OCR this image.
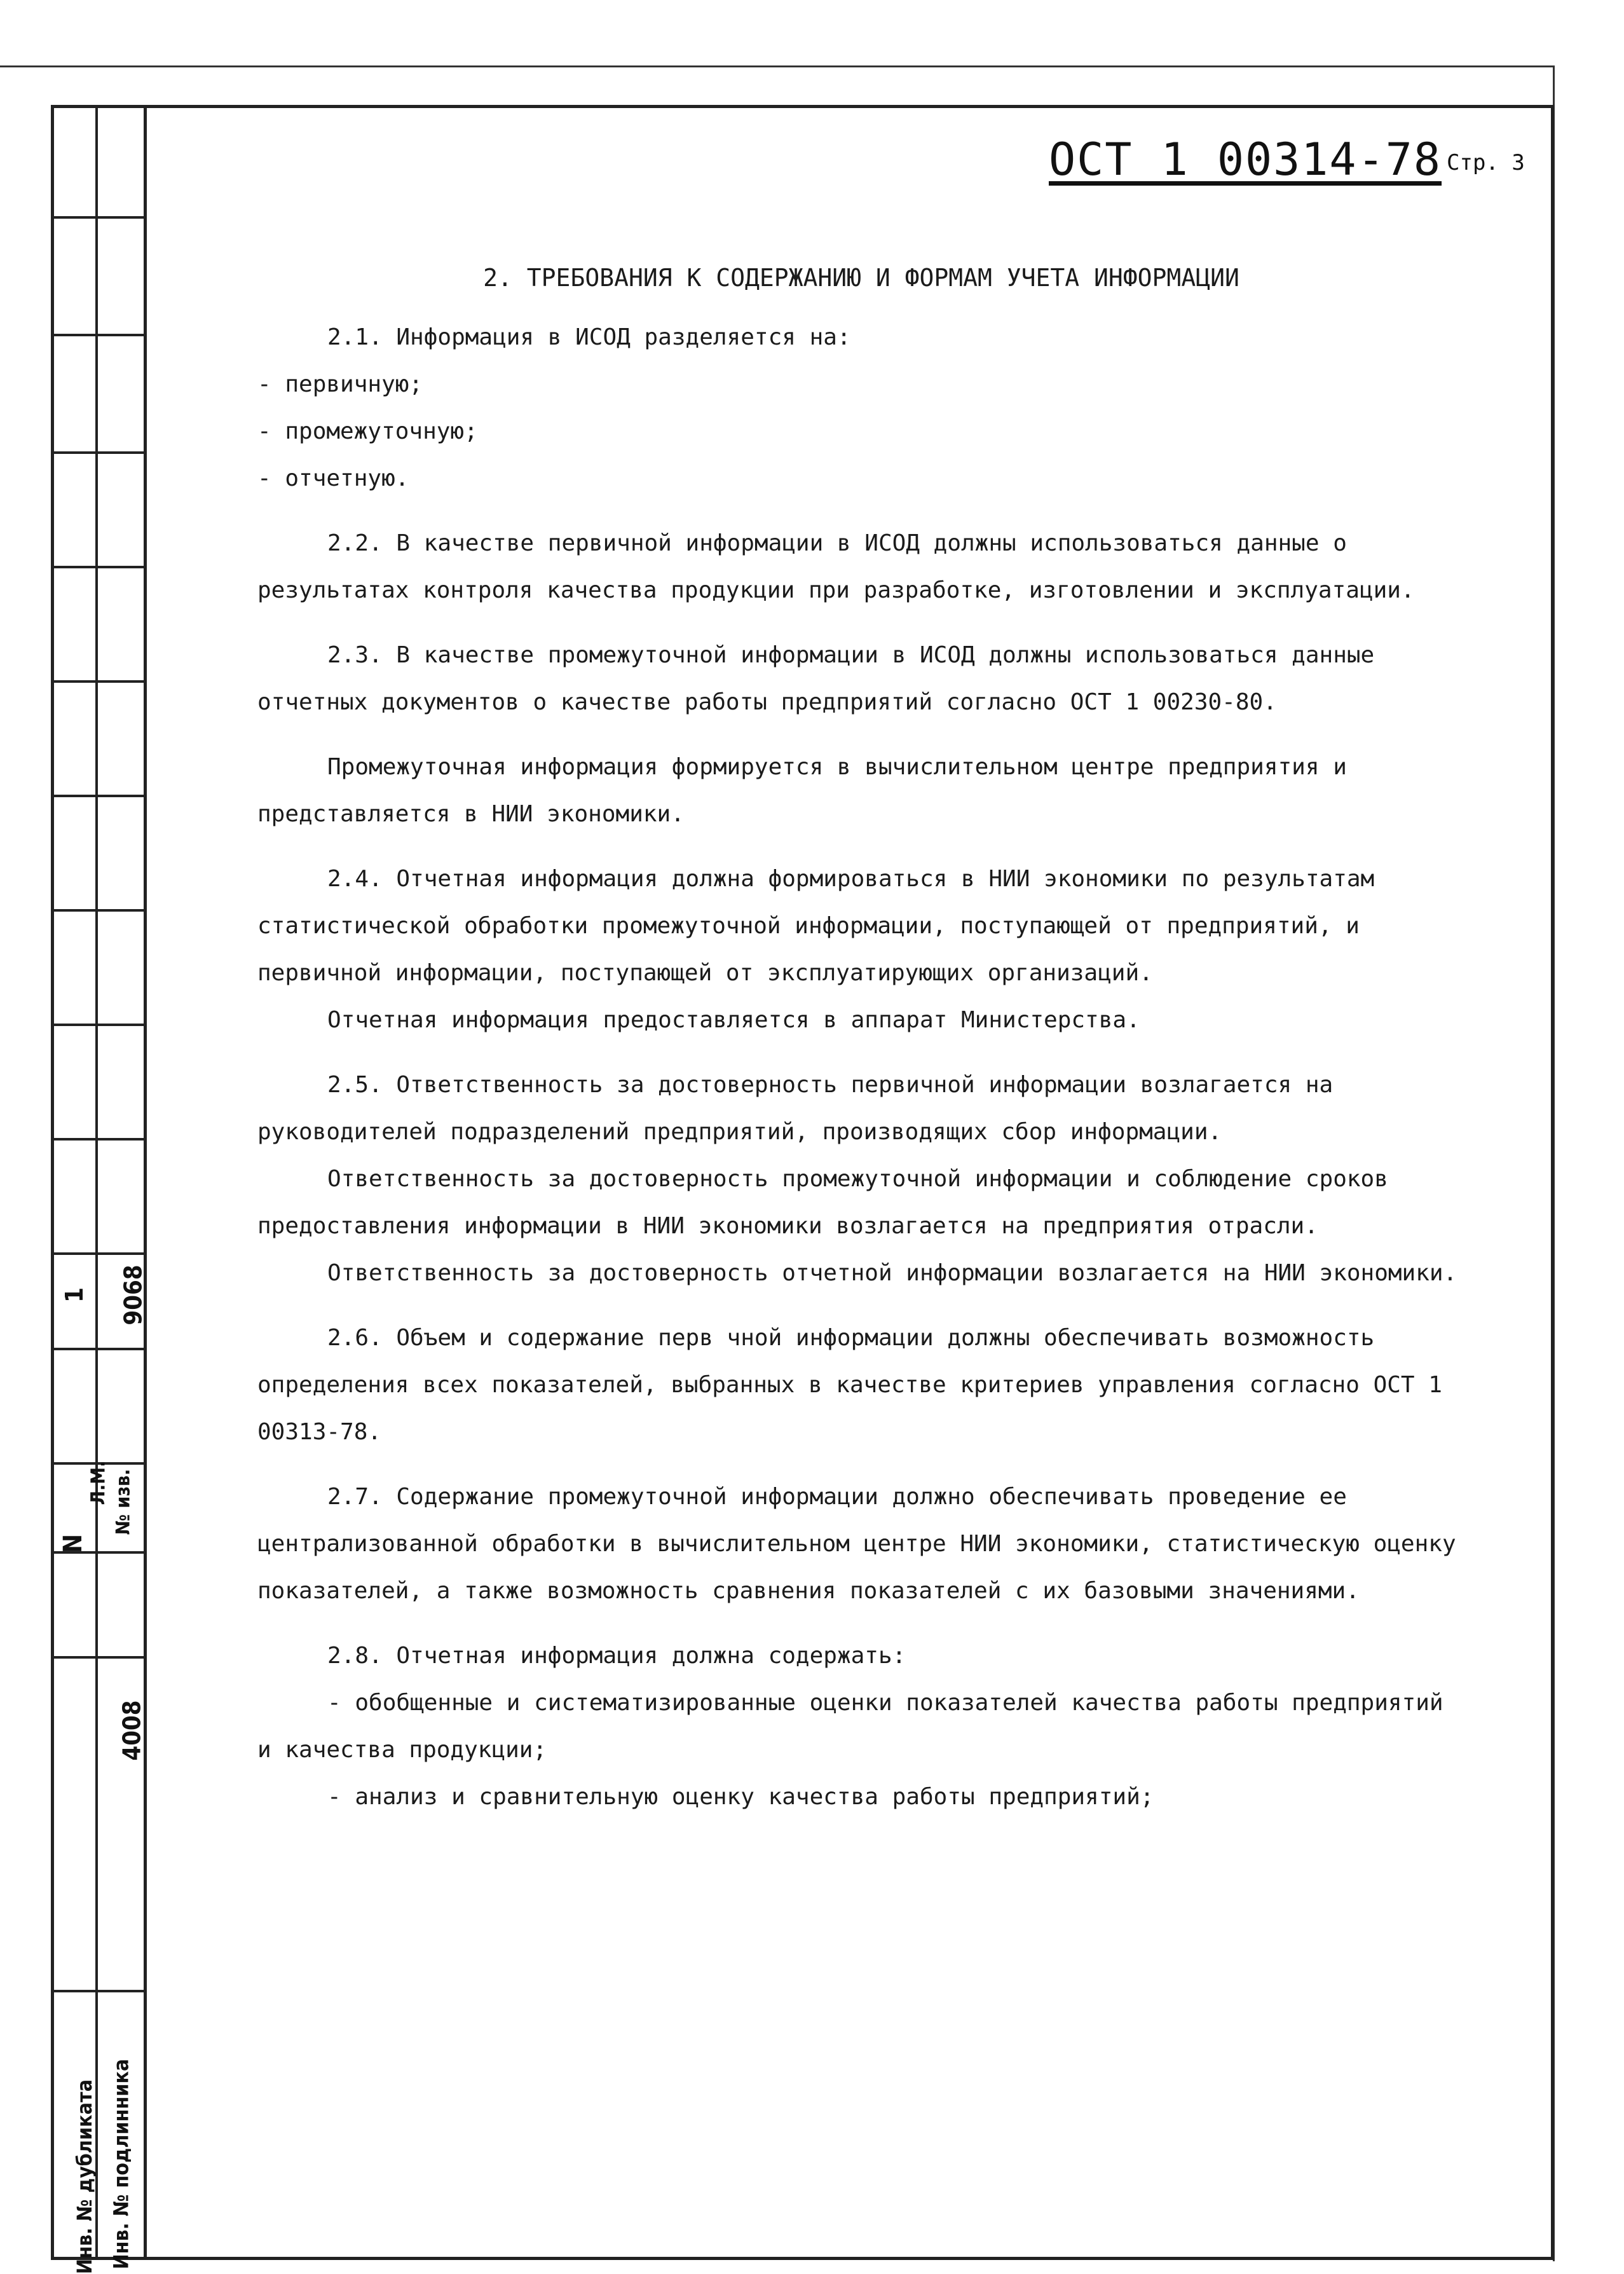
1 9068
N
Л.М. № изв.
4008
Инв. № дубликата Инв. № подлинника
ОСТ 1 00314-78 Стр. 3

2. ТРЕБОВАНИЯ К СОДЕРЖАНИЮ И ФОРМАМ УЧЕТА ИНФОРМАЦИИ

2.1. Информация в ИСОД разделяется на:

- первичную;

- промежуточную;

- отчетную.

2.2. В качестве первичной информации в ИСОД должны использоваться данные о результатах контроля качества продукции при разработке, изготовлении и эксплуатации.

2.3. В качестве промежуточной информации в ИСОД должны использоваться данные отчетных документов о качестве работы предприятий согласно ОСТ 1 00230-80.

Промежуточная информация формируется в вычислительном центре предприятия и представляется в НИИ экономики.

2.4. Отчетная информация должна формироваться в НИИ экономики по результатам статистической обработки промежуточной информации, поступающей от предприятий, и первичной информации, поступающей от эксплуатирующих организаций.

Отчетная информация предоставляется в аппарат Министерства.

2.5. Ответственность за достоверность первичной информации возлагается на руководителей подразделений предприятий, производящих сбор информации.

Ответственность за достоверность промежуточной информации и соблюдение сроков предоставления информации в НИИ экономики возлагается на предприятия отрасли.

Ответственность за достоверность отчетной информации возлагается на НИИ экономики.

2.6. Объем и содержание перв чной информации должны обеспечивать возможность определения всех показателей, выбранных в качестве критериев управления согласно ОСТ 1 00313-78.

2.7. Содержание промежуточной информации должно обеспечивать проведение ее централизованной обработки в вычислительном центре НИИ экономики, статистическую оценку показателей, а также возможность сравнения показателей с их базовыми значениями.

2.8. Отчетная информация должна содержать:

- обобщенные и систематизированные оценки показателей качества работы предприятий и качества продукции;

- анализ и сравнительную оценку качества работы предприятий;
